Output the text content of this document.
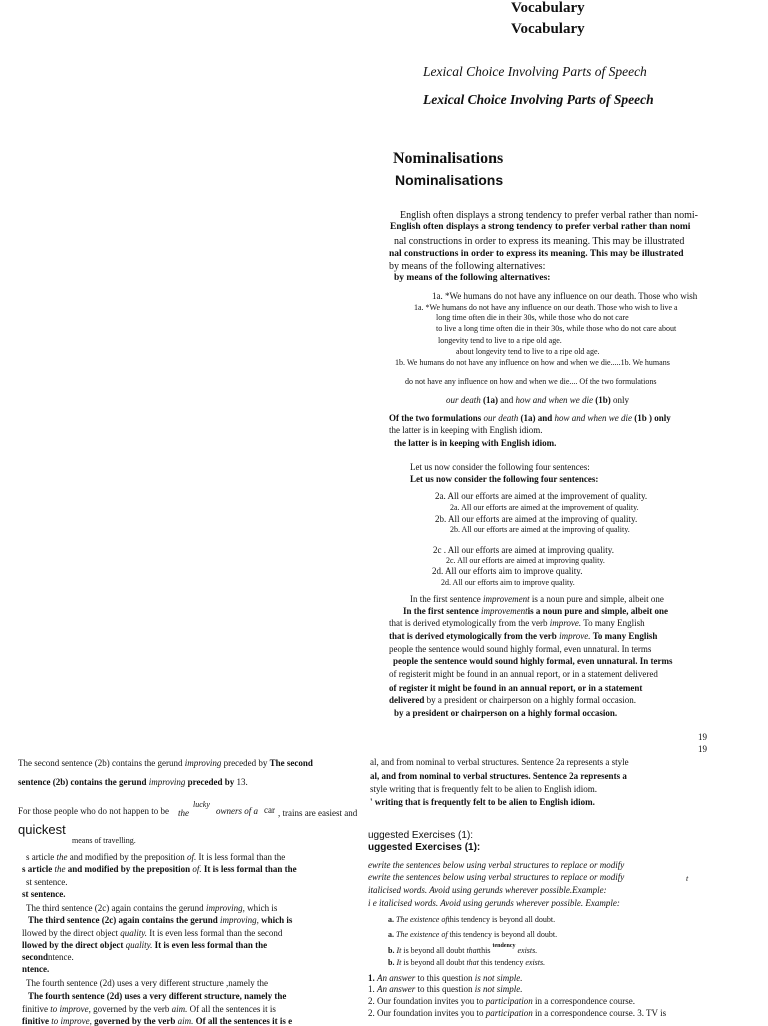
Vocabulary
Vocabulary
Lexical Choice Involving Parts of Speech
Lexical Choice Involving Parts of Speech
Nominalisations
Nominalisations
English often displays a strong tendency to prefer verbal rather than nomi-
English often displays a strong tendency to prefer verbal rather than nomi
nal constructions in order to express its meaning. This may be illustrated
nal constructions in order to express its meaning. This may be illustrated
by means of the following alternatives:
by means of the following alternatives:
1a. *We humans do not have any influence on our death. Those who wish
1a. *We humans do not have any influence on our death. Those who wish to live a
long time often die in their 30s, while those who do not care
to live a long time often die in their 30s, while those who do not care about
longevity tend to live to a ripe old age.
about longevity tend to live to a ripe old age.
1b. We humans do not have any influence on how and when we die.....1b. We humans
do not have any influence on how and when we die.... Of the two formulations
our death (1a) and how and when we die (1b) only
Of the two formulations our death (1a) and how and when we die (1b ) only
the latter is in keeping with English idiom.
the latter is in keeping with English idiom.
Let us now consider the following four sentences:
Let us now consider the following four sentences:
2a. All our efforts are aimed at the improvement of quality.
2a. All our efforts are aimed at the improvement of quality.
2b. All our efforts are aimed at the improving of quality.
2b. All our efforts are aimed at the improving of quality.
2c . All our efforts are aimed at improving quality.
2c. All our efforts are aimed at improving quality.
2d. All our efforts aim to improve quality.
2d. All our efforts aim to improve quality.
In the first sentence improvement is a noun pure and simple, albeit one
In the first sentence improvementis a noun pure and simple, albeit one
that is derived etymologically from the verb improve. To many English
that is derived etymologically from the verb improve. To many English
people the sentence would sound highly formal, even unnatural. In terms
people the sentence would sound highly formal, even unnatural. In terms
of registerit might be found in an annual report, or in a statement delivered
of register it might be found in an annual report, or in a statement
delivered by a president or chairperson on a highly formal occasion.
by a president or chairperson on a highly formal occasion.
19
19
The second sentence (2b) contains the gerund improving preceded by The second
sentence (2b) contains the gerund improving preceded by 13.
For those people who do not happen to be the
lucky
owners of a car , trains are easiest and
quickest
means of travelling.
s article the and modified by the preposition of. It is less formal than the
s article the and modified by the preposition of. It is less formal than the
st sentence.
st sentence.
The third sentence (2c) again contains the gerund improving, which is
The third sentence (2c) again contains the gerund improving, which is
llowed by the direct object quality. It is even less formal than the second
llowed by the direct object quality. It is even less formal than the
secondntence.
ntence.
The fourth sentence (2d) uses a very different structure ,namely the
The fourth sentence (2d) uses a very different structure, namely the
finitive to improve, governed by the verb aim. Of all the sentences it is
finitive to improve, governed by the verb aim. Of all the sentences it is e
al, and from nominal to verbal structures. Sentence 2a represents a style
al, and from nominal to verbal structures. Sentence 2a represents a
style writing that is frequently felt to be alien to English idiom.
' writing that is frequently felt to be alien to English idiom.
uggested Exercises (1):
uggested Exercises (1):
ewrite the sentences below using verbal structures to replace or modify
ewrite the sentences below using verbal structures to replace or modify	t
italicised words. Avoid using gerunds wherever possible.Example:
i e italicised words. Avoid using gerunds wherever possible. Example:
a. The existence ofthis tendency is beyond all doubt.
a. The existence of this tendency is beyond all doubt.
b. It is beyond all doubt thatthis $^{tendency}$ exists.
b. It is beyond all doubt that this tendency exists.
1. An answer to this question is not simple.
1. An answer to this question is not simple.
2. Our foundation invites you to participation in a correspondence course.
2. Our foundation invites you to participation in a correspondence course. 3. TV is
